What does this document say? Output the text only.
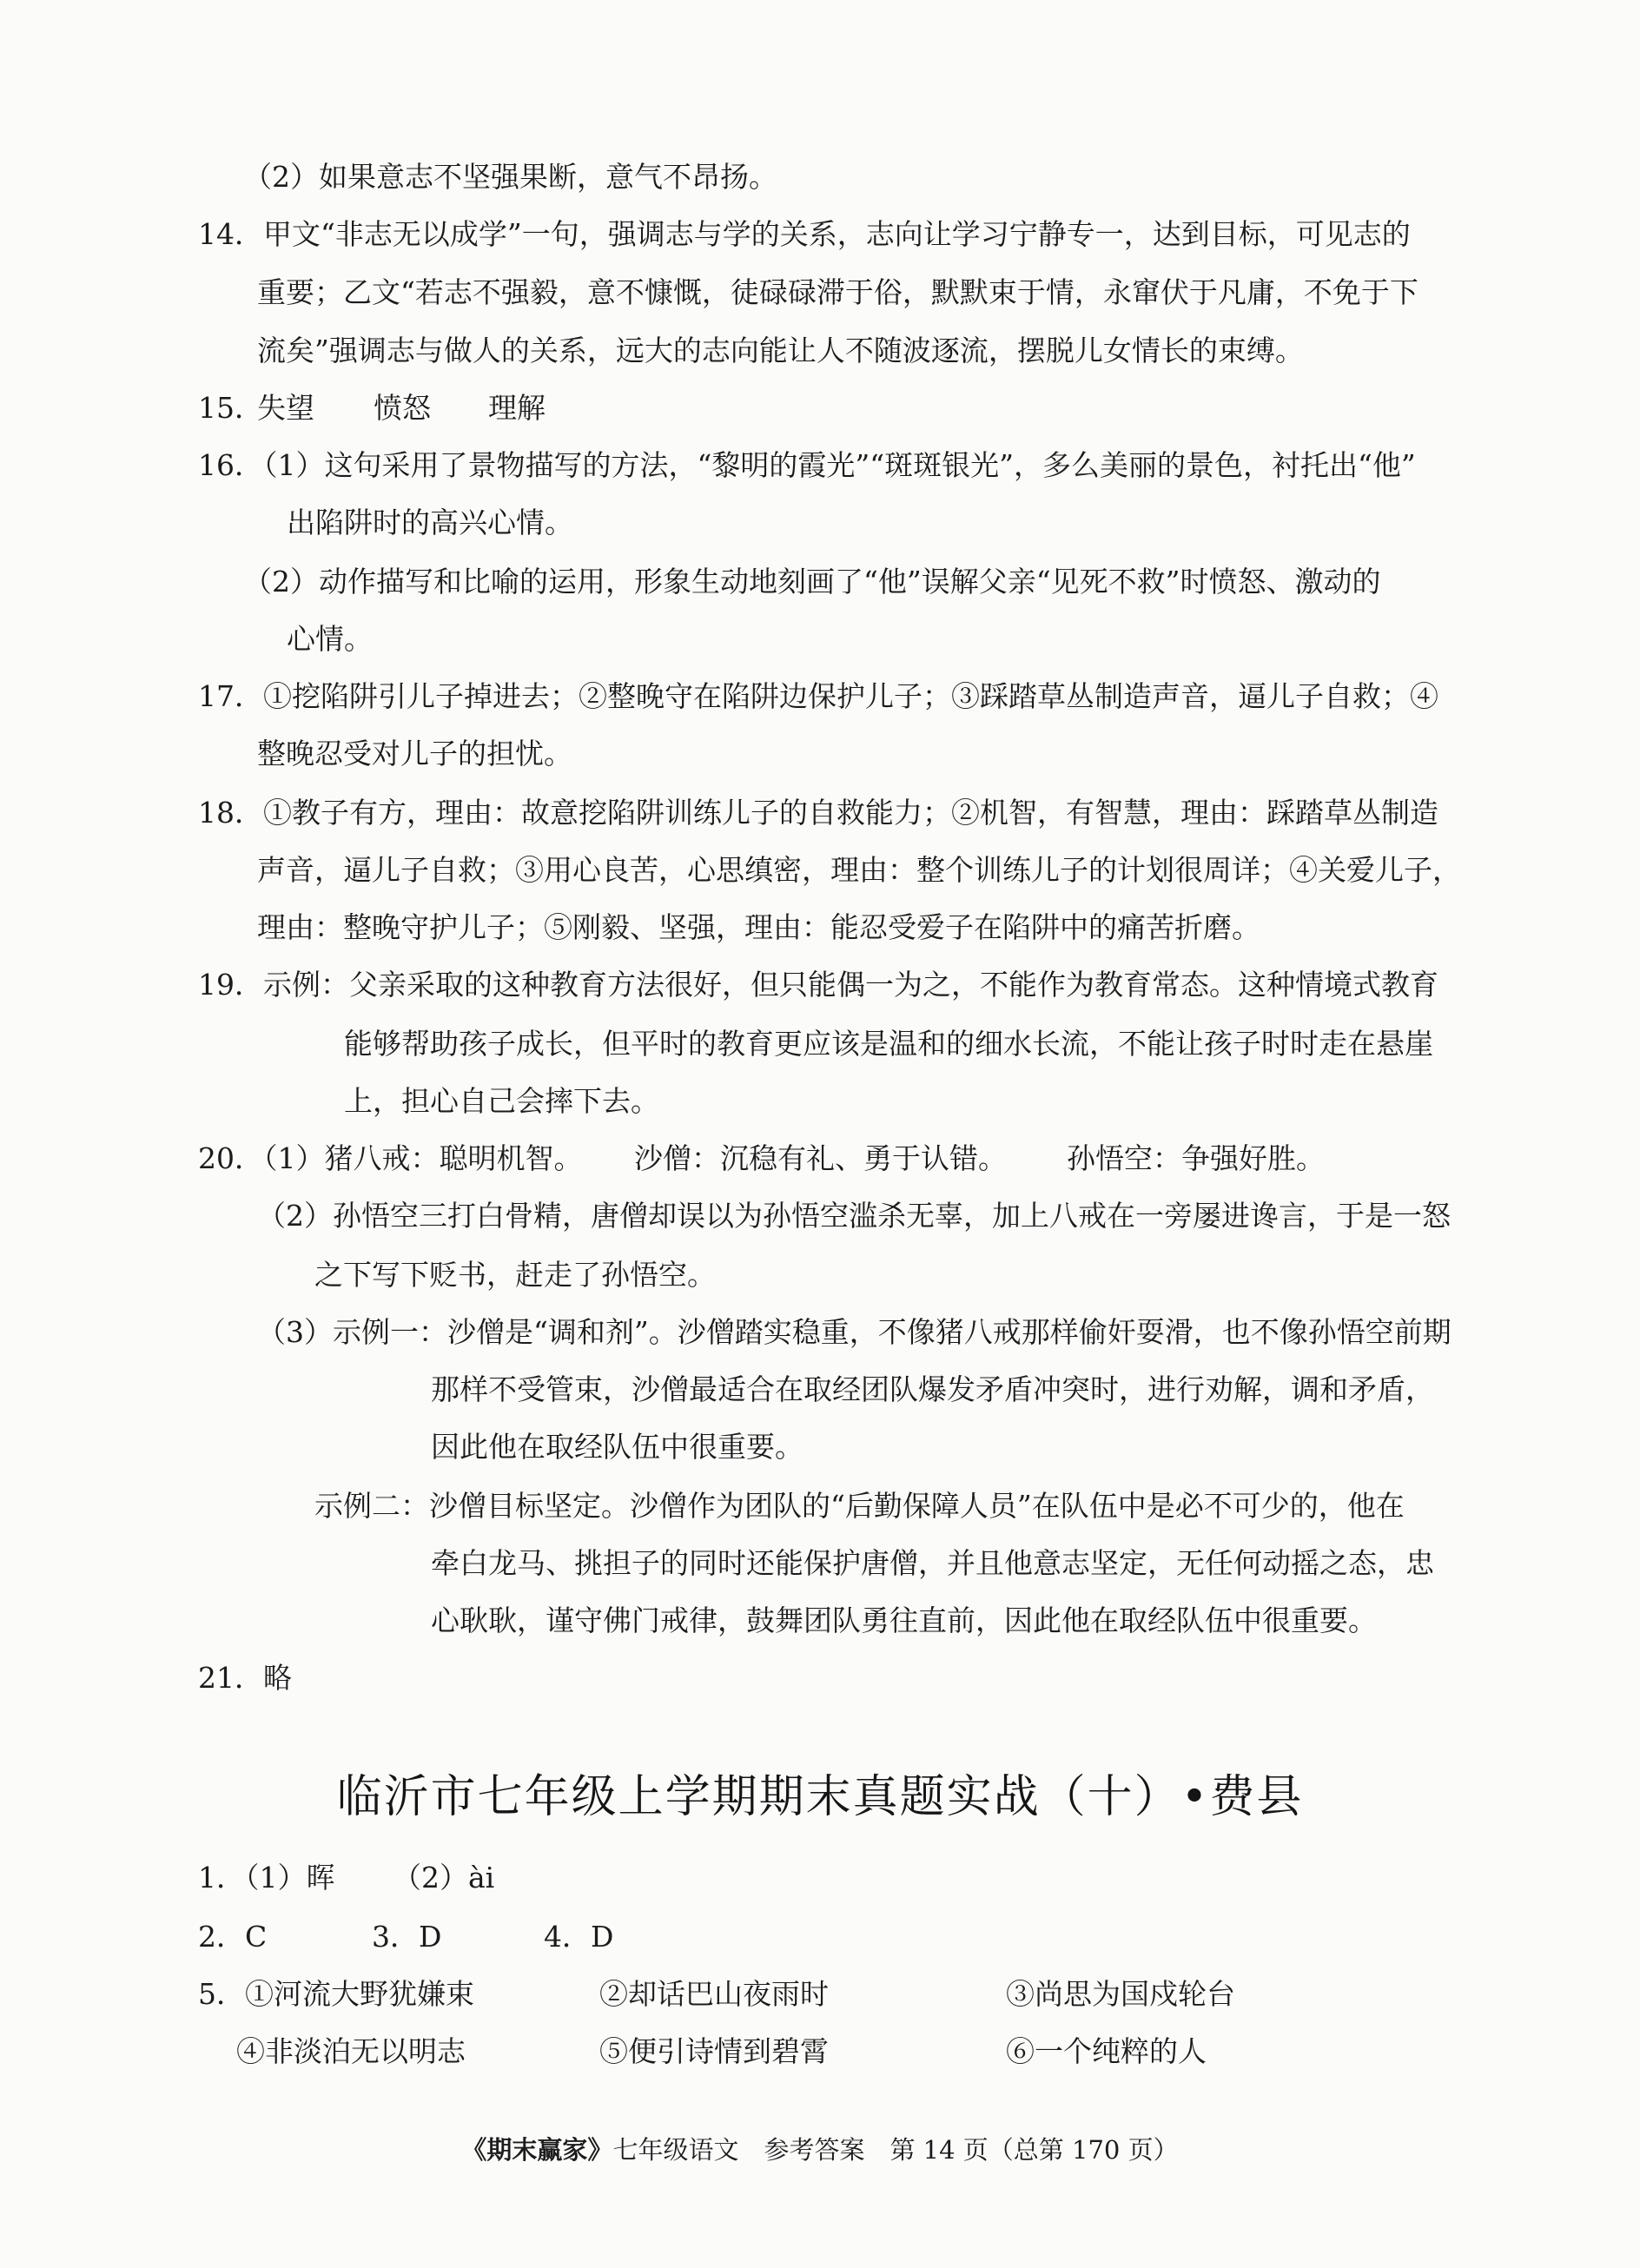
（2）如果意志不坚强果断，意气不昂扬。
14．甲文“非志无以成学”一句，强调志与学的关系，志向让学习宁静专一，达到目标，可见志的
重要；乙文“若志不强毅，意不慷慨，徒碌碌滞于俗，默默束于情，永窜伏于凡庸，不免于下
流矣”强调志与做人的关系，远大的志向能让人不随波逐流，摆脱儿女情长的束缚。
15．
失望 愤怒 理解
16．（1）这句采用了景物描写的方法，“黎明的霞光”“斑斑银光”，多么美丽的景色，衬托出“他”
出陷阱时的高兴心情。
（2）动作描写和比喻的运用，形象生动地刻画了“他”误解父亲“见死不救”时愤怒、激动的
心情。
17．①挖陷阱引儿子掉进去；②整晚守在陷阱边保护儿子；③踩踏草丛制造声音，逼儿子自救；④
整晚忍受对儿子的担忧。
18．①教子有方，理由：故意挖陷阱训练儿子的自救能力；②机智，有智慧，理由：踩踏草丛制造
声音，逼儿子自救；③用心良苦，心思缜密，理由：整个训练儿子的计划很周详；④关爱儿子，
理由：整晚守护儿子；⑤刚毅、坚强，理由：能忍受爱子在陷阱中的痛苦折磨。
19．示例：父亲采取的这种教育方法很好，但只能偶一为之，不能作为教育常态。这种情境式教育
能够帮助孩子成长，但平时的教育更应该是温和的细水长流，不能让孩子时时走在悬崖
上，担心自己会摔下去。
20．（1）猪八戒：聪明机智。 沙僧：沉稳有礼、勇于认错。 孙悟空：争强好胜。
（2）孙悟空三打白骨精，唐僧却误以为孙悟空滥杀无辜，加上八戒在一旁屡进谗言，于是一怒
之下写下贬书，赶走了孙悟空。
（3）示例一：沙僧是“调和剂”。沙僧踏实稳重，不像猪八戒那样偷奸耍滑，也不像孙悟空前期
那样不受管束，沙僧最适合在取经团队爆发矛盾冲突时，进行劝解，调和矛盾，
因此他在取经队伍中很重要。
示例二：沙僧目标坚定。沙僧作为团队的“后勤保障人员”在队伍中是必不可少的，他在
牵白龙马、挑担子的同时还能保护唐僧，并且他意志坚定，无任何动摇之态，忠
心耿耿，谨守佛门戒律，鼓舞团队勇往直前，因此他在取经队伍中很重要。
21．略
临沂市七年级上学期期末真题实战（十）•费县
1．（1）晖 （2）ài
2．C	3．D	4．D
5．①河流大野犹嫌束	②却话巴山夜雨时	③尚思为国戍轮台
④非淡泊无以明志	⑤便引诗情到碧霄	⑥一个纯粹的人
《期末赢家》七年级语文　参考答案　第 14 页（总第 170 页）
